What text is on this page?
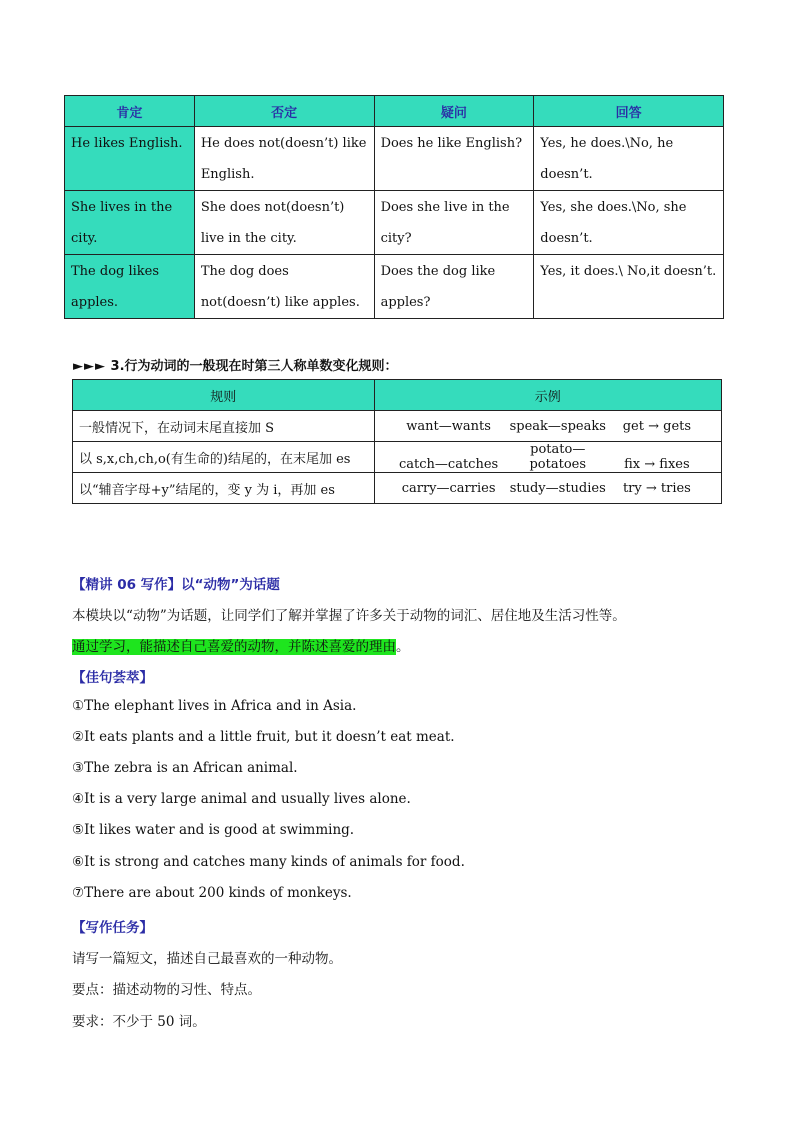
肯定	否定	疑问	回答
He likes English.	He does not(doesn’t) like English.	Does he like English?	Yes, he does.\No, he doesn’t.
She lives in the city.	She does not(doesn’t) live in the city.	Does she live in the city?	Yes, she does.\No, she doesn’t.
The dog likes apples.	The dog does not(doesn’t) like apples.	Does the dog like apples?	Yes, it does.\ No,it doesn’t.
►►► 3.行为动词的一般现在时第三人称单数变化规则：
规则	示例
一般情况下，在动词末尾直接加 S	want—wants speak—speaks get → gets
以 s,x,ch,ch,o(有生命的)结尾的，在末尾加 es	catch—catches potato—potatoes fix → fixes
以“辅音字母+y”结尾的，变 y 为 i，再加 es	carry—carries study—studies try → tries
【精讲 06 写作】以“动物”为话题
本模块以“动物”为话题，让同学们了解并掌握了许多关于动物的词汇、居住地及生活习性等。
通过学习，能描述自己喜爱的动物，并陈述喜爱的理由。
【佳句荟萃】
①The elephant lives in Africa and in Asia.
②It eats plants and a little fruit, but it doesn’t eat meat.
③The zebra is an African animal.
④It is a very large animal and usually lives alone.
⑤It likes water and is good at swimming.
⑥It is strong and catches many kinds of animals for food.
⑦There are about 200 kinds of monkeys.
【写作任务】
请写一篇短文，描述自己最喜欢的一种动物。
要点：描述动物的习性、特点。
要求：不少于 50 词。
